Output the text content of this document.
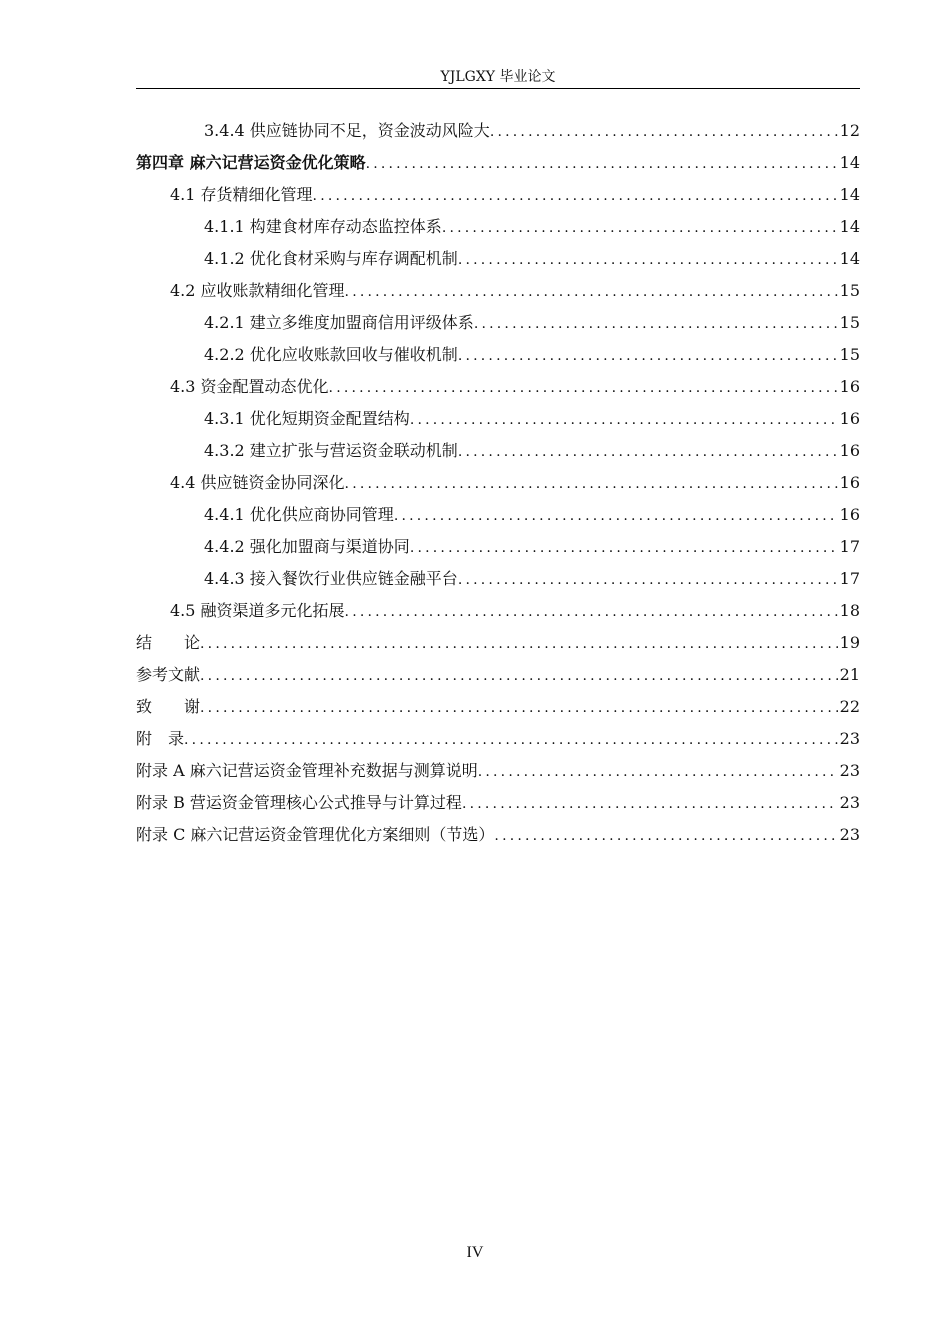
YJLGXY 毕业论文
3.4.4 供应链协同不足，资金波动风险大 .....	12
第四章 麻六记营运资金优化策略 .....	14
4.1 存货精细化管理 .....	14
4.1.1 构建食材库存动态监控体系 .....	14
4.1.2 优化食材采购与库存调配机制 .....	14
4.2 应收账款精细化管理 .....	15
4.2.1 建立多维度加盟商信用评级体系 .....	15
4.2.2 优化应收账款回收与催收机制 .....	15
4.3 资金配置动态优化 .....	16
4.3.1 优化短期资金配置结构 .....	16
4.3.2 建立扩张与营运资金联动机制 .....	16
4.4 供应链资金协同深化 .....	16
4.4.1 优化供应商协同管理 .....	16
4.4.2 强化加盟商与渠道协同 .....	17
4.4.3 接入餐饮行业供应链金融平台 .....	17
4.5 融资渠道多元化拓展 .....	18
结　　论 .....	19
参考文献 .....	21
致　　谢 .....	22
附　录 .....	23
附录 A 麻六记营运资金管理补充数据与测算说明 .....	23
附录 B 营运资金管理核心公式推导与计算过程 .....	23
附录 C 麻六记营运资金管理优化方案细则（节选） .....	23
IV
